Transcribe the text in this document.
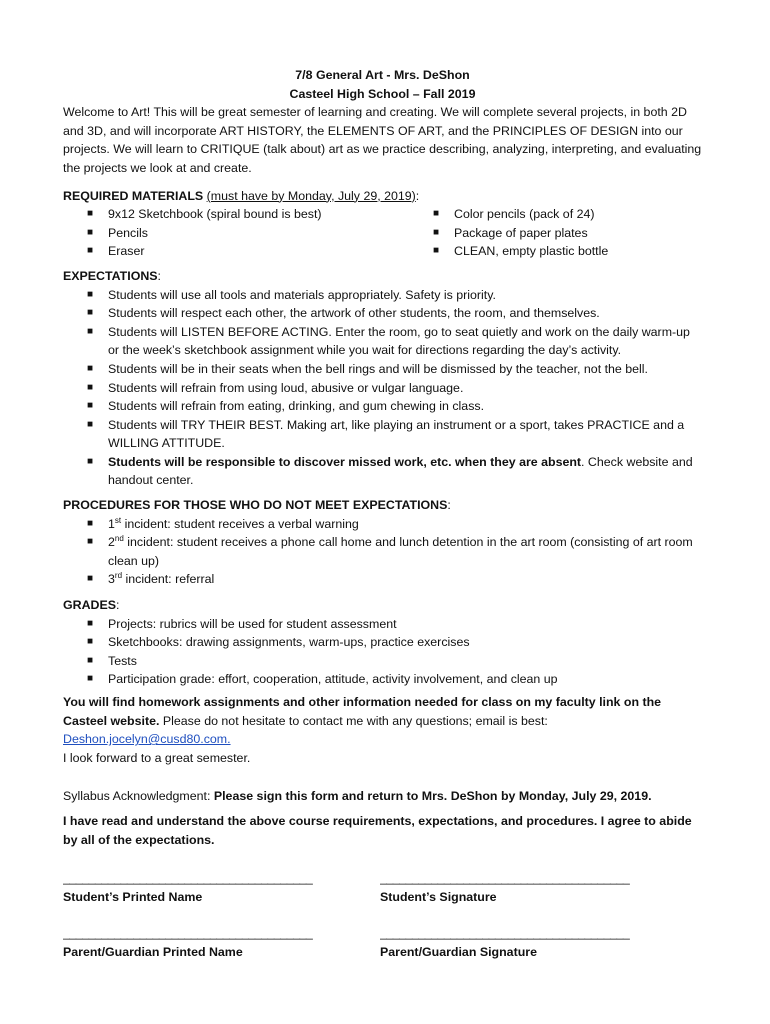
7/8 General Art - Mrs. DeShon

Casteel High School – Fall 2019

Welcome to Art! This will be great semester of learning and creating. We will complete several projects, in both 2D and 3D, and will incorporate ART HISTORY, the ELEMENTS OF ART, and the PRINCIPLES OF DESIGN into our projects. We will learn to CRITIQUE (talk about) art as we practice describing, analyzing, interpreting, and evaluating the projects we look at and create.

REQUIRED MATERIALS (must have by Monday, July 29, 2019):

■ 9x12 Sketchbook (spiral bound is best)
■ Pencils
■ Eraser
■ Color pencils (pack of 24)
■ Package of paper plates
■ CLEAN, empty plastic bottle

EXPECTATIONS:

■ Students will use all tools and materials appropriately. Safety is priority.
■ Students will respect each other, the artwork of other students, the room, and themselves.
■ Students will LISTEN BEFORE ACTING. Enter the room, go to seat quietly and work on the daily warm-up or the week’s sketchbook assignment while you wait for directions regarding the day’s activity.
■ Students will be in their seats when the bell rings and will be dismissed by the teacher, not the bell.
■ Students will refrain from using loud, abusive or vulgar language.
■ Students will refrain from eating, drinking, and gum chewing in class.
■ Students will TRY THEIR BEST. Making art, like playing an instrument or a sport, takes PRACTICE and a WILLING ATTITUDE.
■ Students will be responsible to discover missed work, etc. when they are absent. Check website and handout center.

PROCEDURES FOR THOSE WHO DO NOT MEET EXPECTATIONS:

■ 1st incident: student receives a verbal warning
■ 2nd incident: student receives a phone call home and lunch detention in the art room (consisting of art room clean up)
■ 3rd incident: referral

GRADES:

■ Projects: rubrics will be used for student assessment
■ Sketchbooks: drawing assignments, warm-ups, practice exercises
■ Tests
■ Participation grade: effort, cooperation, attitude, activity involvement, and clean up

You will find homework assignments and other information needed for class on my faculty link on the Casteel website. Please do not hesitate to contact me with any questions; email is best: Deshon.jocelyn@cusd80.com.

I look forward to a great semester.

Syllabus Acknowledgment: Please sign this form and return to Mrs. DeShon by Monday, July 29, 2019.

I have read and understand the above course requirements, expectations, and procedures. I agree to abide by all of the expectations.

_______________________________________
Student’s Printed Name
_______________________________________
Student’s Signature
_______________________________________
Parent/Guardian Printed Name
_______________________________________
Parent/Guardian Signature
